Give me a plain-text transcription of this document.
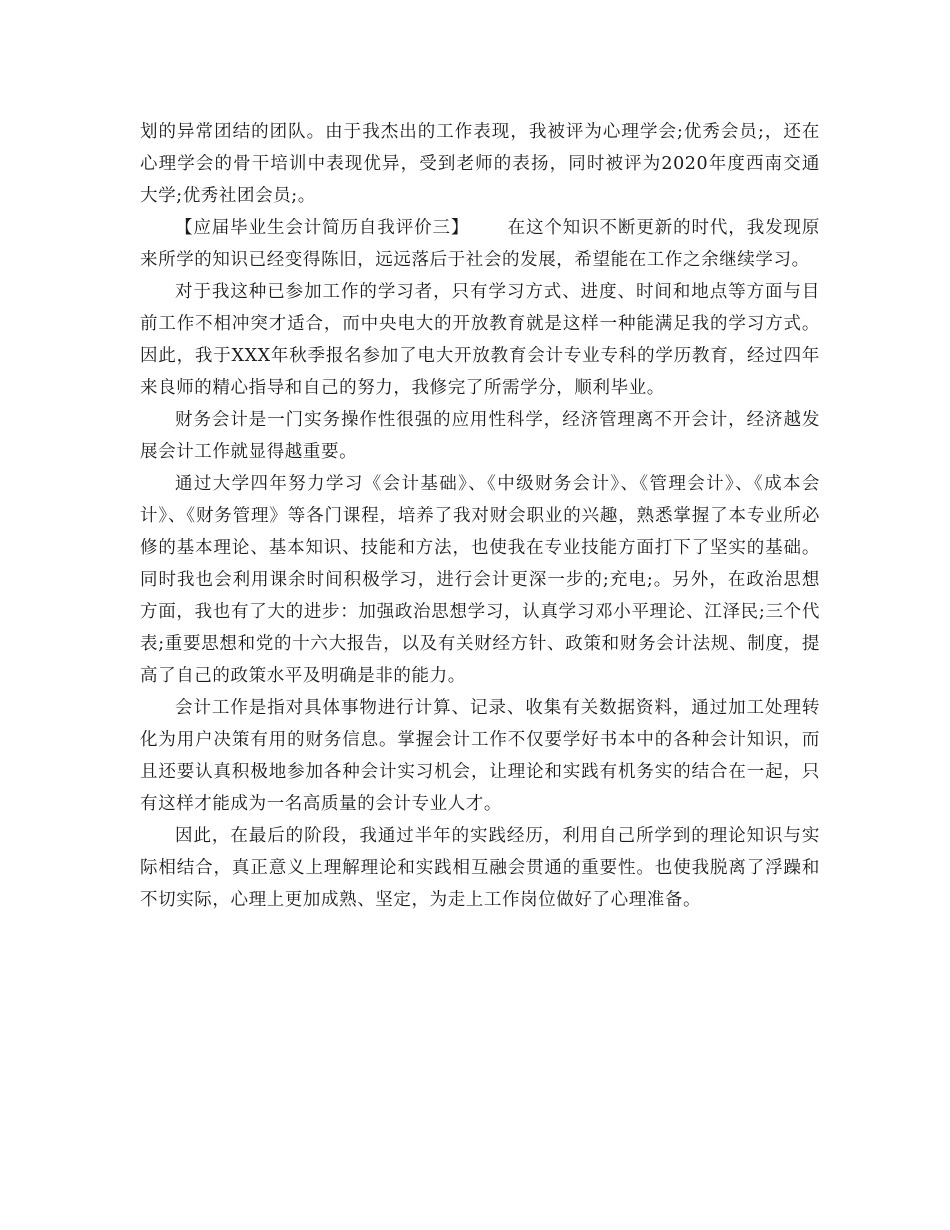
划的异常团结的团队。由于我杰出的工作表现，我被评为心理学会;优秀会员;，还在心理学会的骨干培训中表现优异，受到老师的表扬，同时被评为2020年度西南交通大学;优秀社团会员;。

【应届毕业生会计简历自我评价三】 在这个知识不断更新的时代，我发现原来所学的知识已经变得陈旧，远远落后于社会的发展，希望能在工作之余继续学习。

对于我这种已参加工作的学习者，只有学习方式、进度、时间和地点等方面与目前工作不相冲突才适合，而中央电大的开放教育就是这样一种能满足我的学习方式。因此，我于XXX年秋季报名参加了电大开放教育会计专业专科的学历教育，经过四年来良师的精心指导和自己的努力，我修完了所需学分，顺利毕业。

财务会计是一门实务操作性很强的应用性科学，经济管理离不开会计，经济越发展会计工作就显得越重要。

通过大学四年努力学习《会计基础》、《中级财务会计》、《管理会计》、《成本会计》、《财务管理》等各门课程，培养了我对财会职业的兴趣，熟悉掌握了本专业所必修的基本理论、基本知识、技能和方法，也使我在专业技能方面打下了坚实的基础。同时我也会利用课余时间积极学习，进行会计更深一步的;充电;。另外，在政治思想方面，我也有了大的进步：加强政治思想学习，认真学习邓小平理论、江泽民;三个代表;重要思想和党的十六大报告，以及有关财经方针、政策和财务会计法规、制度，提高了自己的政策水平及明确是非的能力。

会计工作是指对具体事物进行计算、记录、收集有关数据资料，通过加工处理转化为用户决策有用的财务信息。掌握会计工作不仅要学好书本中的各种会计知识，而且还要认真积极地参加各种会计实习机会，让理论和实践有机务实的结合在一起，只有这样才能成为一名高质量的会计专业人才。

因此，在最后的阶段，我通过半年的实践经历，利用自己所学到的理论知识与实际相结合，真正意义上理解理论和实践相互融会贯通的重要性。也使我脱离了浮躁和不切实际，心理上更加成熟、坚定，为走上工作岗位做好了心理准备。
